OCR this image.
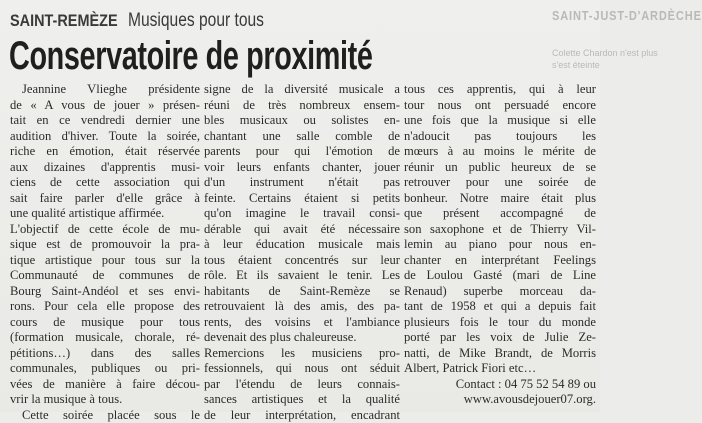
SAINT-JUST-D'ARDÈCHE
Colette Chardon n'est plus
s'est éteinte
SAINT-REMÈZE Musiques pour tous
Conservatoire de proximité
Jeannine Vlieghe présidente
de « A vous de jouer » présen-
tait en ce vendredi dernier une
audition d'hiver. Toute la soirée,
riche en émotion, était réservée
aux dizaines d'apprentis musi-
ciens de cette association qui
sait faire parler d'elle grâce à
une qualité artistique affirmée.
L'objectif de cette école de mu-
sique est de promouvoir la pra-
tique artistique pour tous sur la
Communauté de communes de
Bourg Saint-Andéol et ses envi-
rons. Pour cela elle propose des
cours de musique pour tous
(formation musicale, chorale, ré-
pétitions…) dans des salles
communales, publiques ou pri-
vées de manière à faire décou-
vrir la musique à tous.
Cette soirée placée sous le
signe de la diversité musicale a
réuni de très nombreux ensem-
bles musicaux ou solistes en-
chantant une salle comble de
parents pour qui l'émotion de
voir leurs enfants chanter, jouer
d'un instrument n'était pas
feinte. Certains étaient si petits
qu'on imagine le travail consi-
dérable qui avait été nécessaire
à leur éducation musicale mais
tous étaient concentrés sur leur
rôle. Et ils savaient le tenir. Les
habitants de Saint-Remèze se
retrouvaient là des amis, des pa-
rents, des voisins et l'ambiance
devenait des plus chaleureuse.
Remercions les musiciens pro-
fessionnels, qui nous ont séduit
par l'étendu de leurs connais-
sances artistiques et la qualité
de leur interprétation, encadrant
tous ces apprentis, qui à leur
tour nous ont persuadé encore
une fois que la musique si elle
n'adoucit pas toujours les
mœurs à au moins le mérite de
réunir un public heureux de se
retrouver pour une soirée de
bonheur. Notre maire était plus
que présent accompagné de
son saxophone et de Thierry Vil-
lemin au piano pour nous en-
chanter en interprétant Feelings
de Loulou Gasté (mari de Line
Renaud) superbe morceau da-
tant de 1958 et qui a depuis fait
plusieurs fois le tour du monde
porté par les voix de Julie Ze-
natti, de Mike Brandt, de Morris
Albert, Patrick Fiori etc…
Contact : 04 75 52 54 89 ou
www.avousdejouer07.org.
